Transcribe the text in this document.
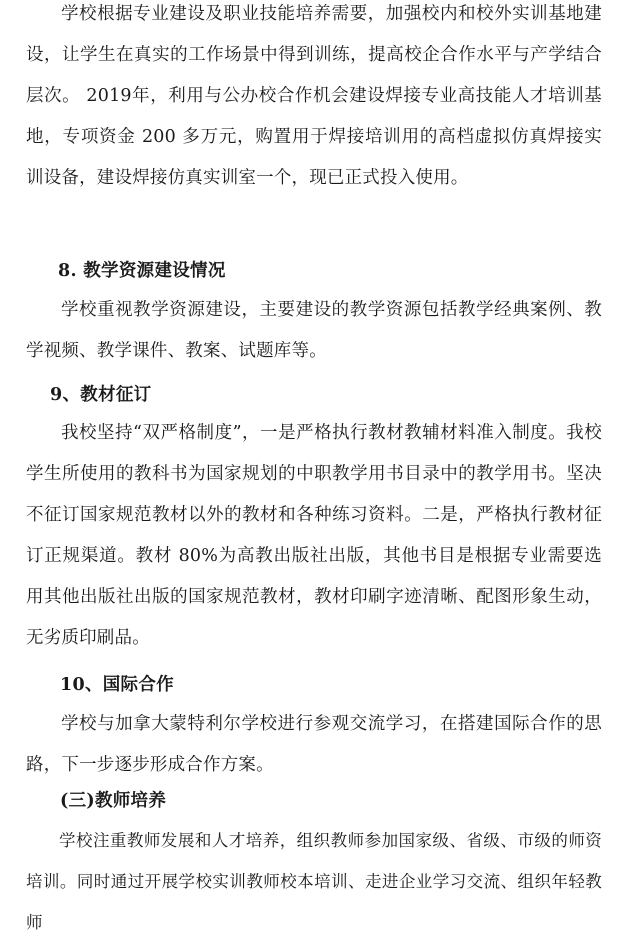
学校根据专业建设及职业技能培养需要，加强校内和校外实训基地建设，让学生在真实的工作场景中得到训练，提高校企合作水平与产学结合层次。 2019年，利用与公办校合作机会建设焊接专业高技能人才培训基地，专项资金 200 多万元，购置用于焊接培训用的高档虚拟仿真焊接实训设备，建设焊接仿真实训室一个，现已正式投入使用。

8. 教学资源建设情况

学校重视教学资源建设，主要建设的教学资源包括教学经典案例、教学视频、教学课件、教案、试题库等。

9、教材征订

我校坚持“双严格制度”，一是严格执行教材教辅材料准入制度。我校学生所使用的教科书为国家规划的中职教学用书目录中的教学用书。坚决不征订国家规范教材以外的教材和各种练习资料。二是，严格执行教材征订正规渠道。教材 80%为高教出版社出版，其他书目是根据专业需要选用其他出版社出版的国家规范教材，教材印刷字迹清晰、配图形象生动，无劣质印刷品。

10、国际合作

学校与加拿大蒙特利尔学校进行参观交流学习，在搭建国际合作的思路，下一步逐步形成合作方案。

(三)教师培养

学校注重教师发展和人才培养，组织教师参加国家级、省级、市级的师资培训。同时通过开展学校实训教师校本培训、走进企业学习交流、组织年轻教师
